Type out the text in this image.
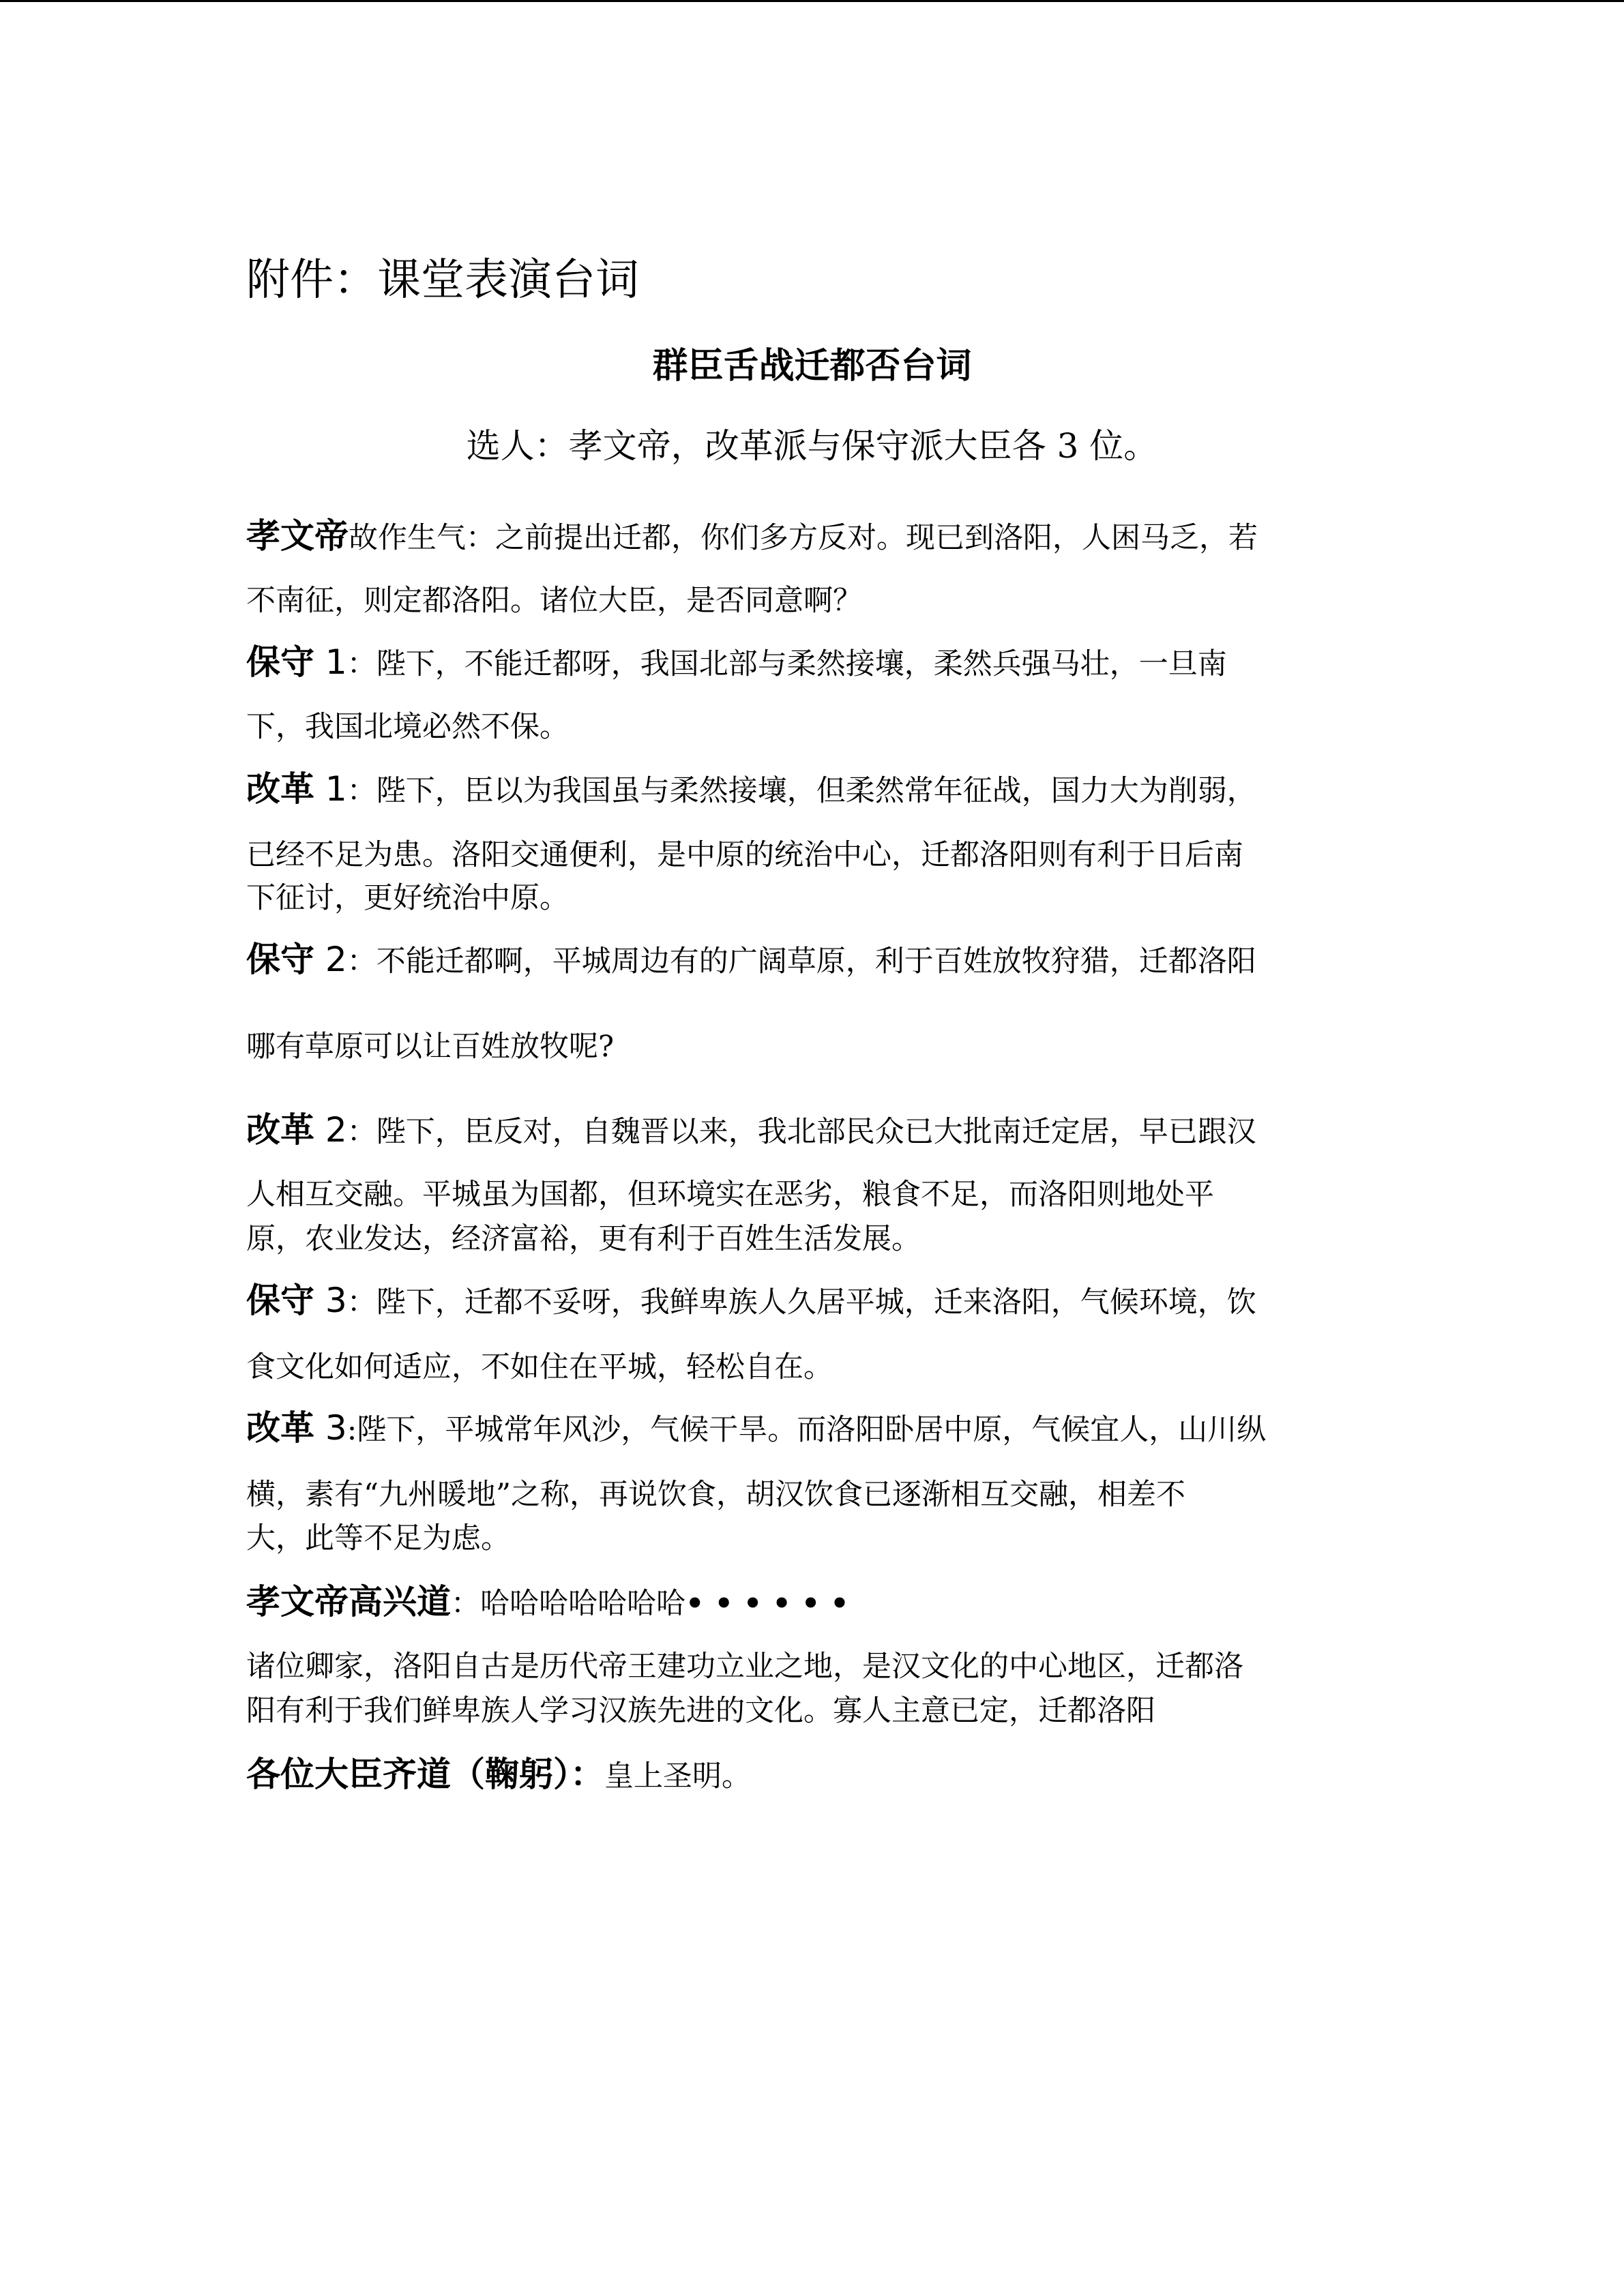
附件：课堂表演台词
群臣舌战迁都否台词
选人：孝文帝，改革派与保守派大臣各 3 位。
孝文帝故作生气：之前提出迁都，你们多方反对。现已到洛阳，人困马乏，若
不南征，则定都洛阳。诸位大臣，是否同意啊？
保守 1：陛下，不能迁都呀，我国北部与柔然接壤，柔然兵强马壮，一旦南
下，我国北境必然不保。
改革 1：陛下，臣以为我国虽与柔然接壤，但柔然常年征战，国力大为削弱，
已经不足为患。洛阳交通便利，是中原的统治中心，迁都洛阳则有利于日后南
下征讨，更好统治中原。
保守 2：不能迁都啊，平城周边有的广阔草原，利于百姓放牧狩猎，迁都洛阳
哪有草原可以让百姓放牧呢?
改革 2：陛下，臣反对，自魏晋以来，我北部民众已大批南迁定居，早已跟汉
人相互交融。平城虽为国都，但环境实在恶劣，粮食不足，而洛阳则地处平
原，农业发达，经济富裕，更有利于百姓生活发展。
保守 3：陛下，迁都不妥呀，我鲜卑族人久居平城，迁来洛阳，气候环境，饮
食文化如何适应，不如住在平城，轻松自在。
改革 3:陛下，平城常年风沙，气候干旱。而洛阳卧居中原，气候宜人，山川纵
横，素有“九州暖地”之称，再说饮食，胡汉饮食已逐渐相互交融，相差不
大，此等不足为虑。
孝文帝高兴道：哈哈哈哈哈哈哈• • • • • •
诸位卿家，洛阳自古是历代帝王建功立业之地，是汉文化的中心地区，迁都洛
阳有利于我们鲜卑族人学习汉族先进的文化。寡人主意已定，迁都洛阳
各位大臣齐道（鞠躬）：皇上圣明。
